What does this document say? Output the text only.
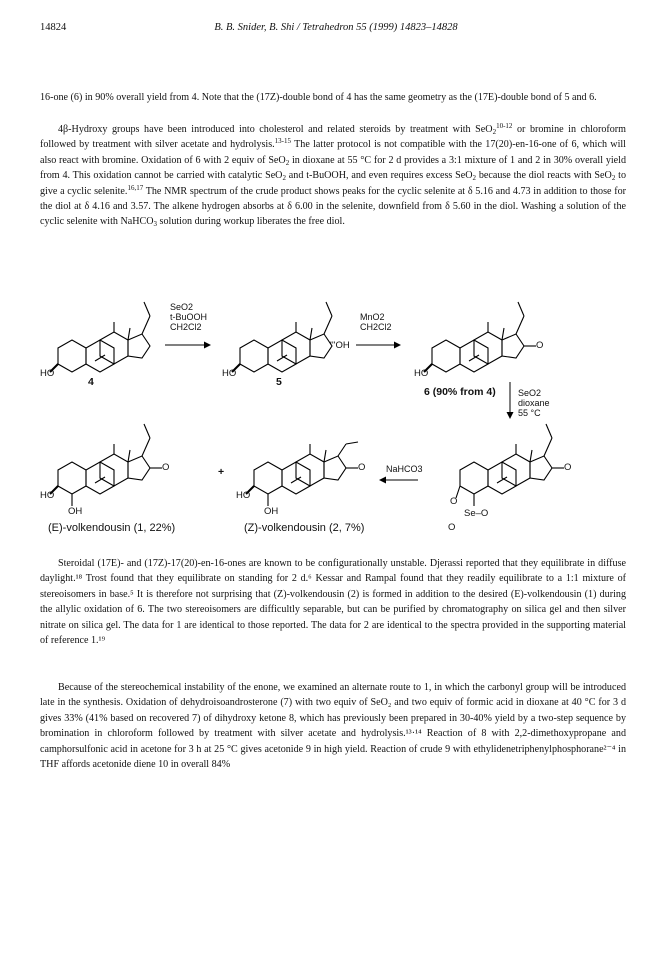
14824	B. B. Snider, B. Shi / Tetrahedron 55 (1999) 14823–14828

16-one (6) in 90% overall yield from 4. Note that the (17Z)-double bond of 4 has the same geometry as the (17E)-double bond of 5 and 6.

4β-Hydroxy groups have been introduced into cholesterol and related steroids by treatment with SeO$_2^{10-12}$ or bromine in chloroform followed by treatment with silver acetate and hydrolysis.$^{13-15}$ The latter protocol is not compatible with the 17(20)-en-16-one of 6, which will also react with bromine. Oxidation of 6 with 2 equiv of SeO$_2$ in dioxane at 55 °C for 2 d provides a 3:1 mixture of 1 and 2 in 30% overall yield from 4. This oxidation cannot be carried with catalytic SeO$_2$ and t-BuOOH, and even requires excess SeO$_2$ because the diol reacts with SeO$_2$ to give a cyclic selenite.$^{16,17}$ The NMR spectrum of the crude product shows peaks for the cyclic selenite at δ 5.16 and 4.73 in addition to those for the diol at δ 4.16 and 3.57. The alkene hydrogen absorbs at δ 6.00 in the selenite, downfield from δ 5.60 in the diol. Washing a solution of the cyclic selenite with NaHCO$_3$ solution during workup liberates the free diol.

SeO2
t-BuOOH
CH2Cl2
MnO2
CH2Cl2
SeO2
dioxane
55 °C
NaHCO3
HO	HO	HO
'''OH	O
O
O
O
HO	HO
OH	OH
O
Se–O
O
4	5
6 (90% from 4)
+
(E)-volkendousin (1, 22%)	(Z)-volkendousin (2, 7%)

Steroidal (17E)- and (17Z)-17(20)-en-16-ones are known to be configurationally unstable. Djerassi reported that they equilibrate in diffuse daylight.¹⁸ Trost found that they equilibrate on standing for 2 d.⁶ Kessar and Rampal found that they readily equilibrate to a 1:1 mixture of stereoisomers in base.⁵ It is therefore not surprising that (Z)-volkendousin (2) is formed in addition to the desired (E)-volkendousin (1) during the allylic oxidation of 6. The two stereoisomers are difficultly separable, but can be purified by chromatography on silica gel and then silver nitrate on silica gel. The data for 1 are identical to those reported. The data for 2 are identical to the spectra provided in the supporting material of reference 1.¹⁹

Because of the stereochemical instability of the enone, we examined an alternate route to 1, in which the carbonyl group will be introduced late in the synthesis. Oxidation of dehydroisoandrosterone (7) with two equiv of SeO₂ and two equiv of formic acid in dioxane at 40 °C for 3 d gives 33% (41% based on recovered 7) of dihydroxy ketone 8, which has previously been prepared in 30-40% yield by a two-step sequence by bromination in chloroform followed by treatment with silver acetate and hydrolysis.¹³·¹⁴ Reaction of 8 with 2,2-dimethoxypropane and camphorsulfonic acid in acetone for 3 h at 25 °C gives acetonide 9 in high yield. Reaction of crude 9 with ethylidenetriphenylphosphorane²⁻⁴ in THF affords acetonide diene 10 in overall 84%
